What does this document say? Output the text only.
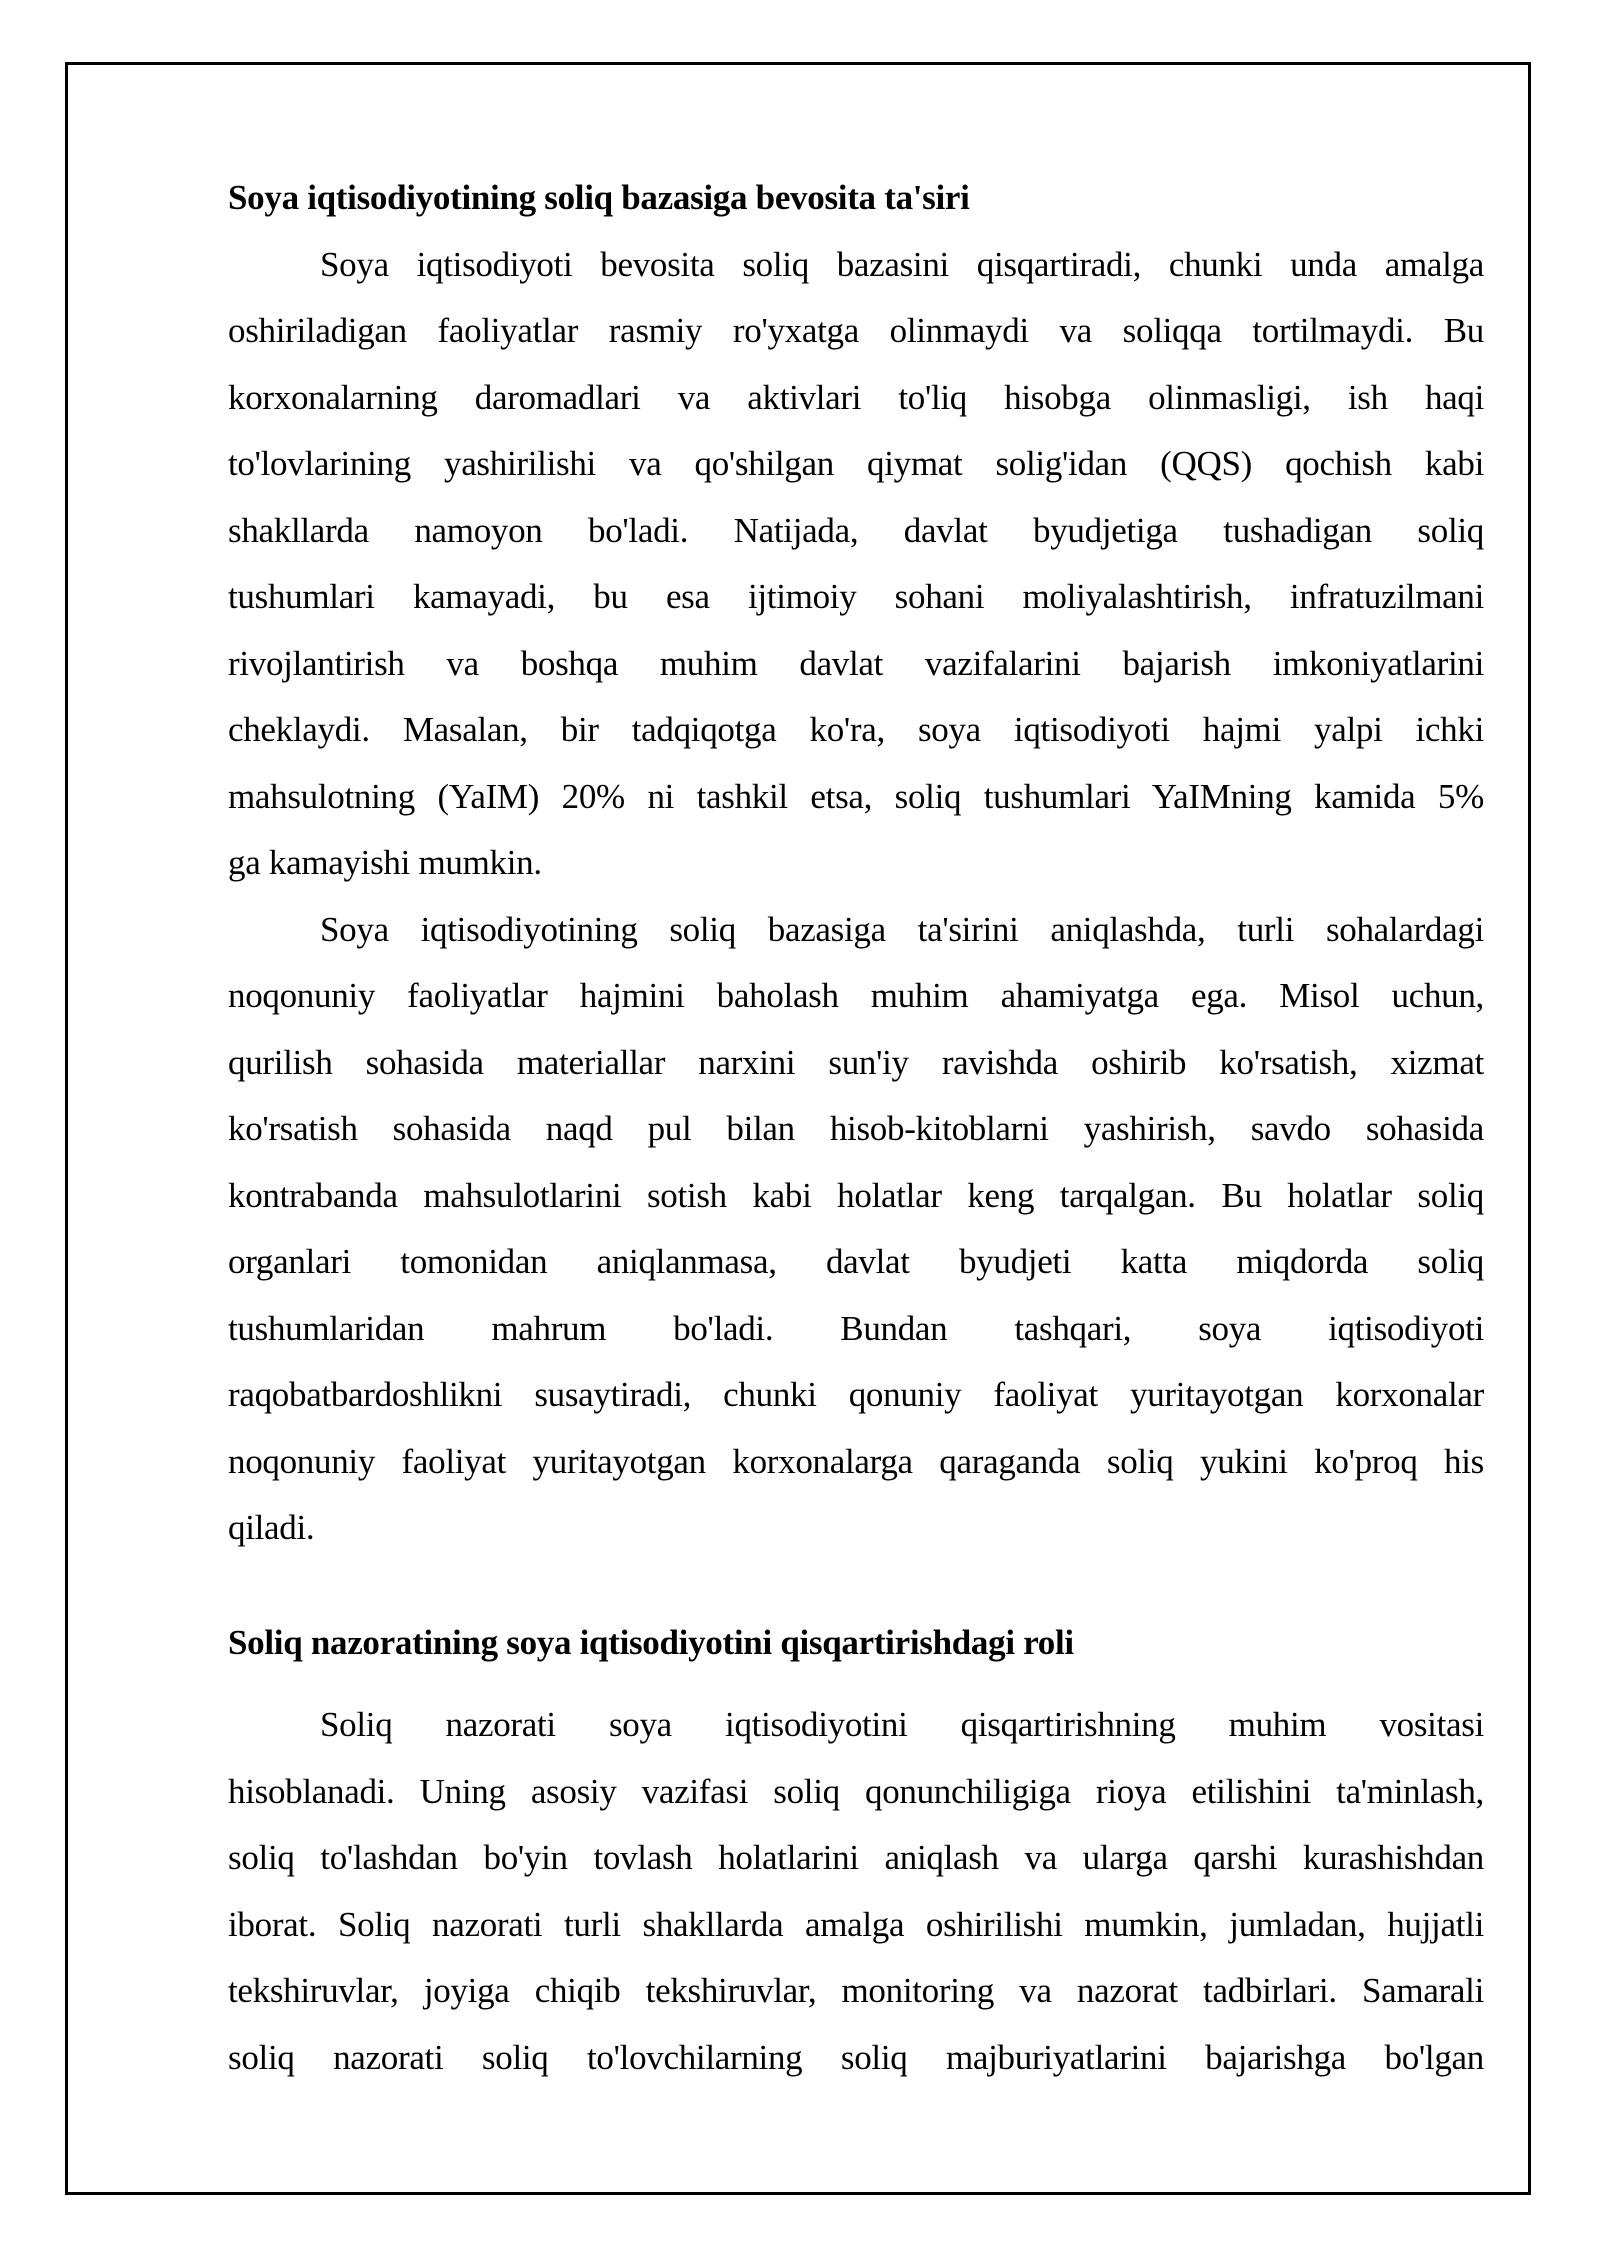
Soya iqtisodiyotining soliq bazasiga bevosita ta'siri
Soya iqtisodiyoti bevosita soliq bazasini qisqartiradi, chunki unda amalga
oshiriladigan faoliyatlar rasmiy ro'yxatga olinmaydi va soliqqa tortilmaydi. Bu
korxonalarning daromadlari va aktivlari to'liq hisobga olinmasligi, ish haqi
to'lovlarining yashirilishi va qo'shilgan qiymat solig'idan (QQS) qochish kabi
shakllarda namoyon bo'ladi. Natijada, davlat byudjetiga tushadigan soliq
tushumlari kamayadi, bu esa ijtimoiy sohani moliyalashtirish, infratuzilmani
rivojlantirish va boshqa muhim davlat vazifalarini bajarish imkoniyatlarini
cheklaydi. Masalan, bir tadqiqotga ko'ra, soya iqtisodiyoti hajmi yalpi ichki
mahsulotning (YaIM) 20% ni tashkil etsa, soliq tushumlari YaIMning kamida 5%
ga kamayishi mumkin.
Soya iqtisodiyotining soliq bazasiga ta'sirini aniqlashda, turli sohalardagi
noqonuniy faoliyatlar hajmini baholash muhim ahamiyatga ega. Misol uchun,
qurilish sohasida materiallar narxini sun'iy ravishda oshirib ko'rsatish, xizmat
ko'rsatish sohasida naqd pul bilan hisob-kitoblarni yashirish, savdo sohasida
kontrabanda mahsulotlarini sotish kabi holatlar keng tarqalgan. Bu holatlar soliq
organlari tomonidan aniqlanmasa, davlat byudjeti katta miqdorda soliq
tushumlaridan mahrum bo'ladi. Bundan tashqari, soya iqtisodiyoti
raqobatbardoshlikni susaytiradi, chunki qonuniy faoliyat yuritayotgan korxonalar
noqonuniy faoliyat yuritayotgan korxonalarga qaraganda soliq yukini ko'proq his
qiladi.
Soliq nazoratining soya iqtisodiyotini qisqartirishdagi roli
Soliq nazorati soya iqtisodiyotini qisqartirishning muhim vositasi
hisoblanadi. Uning asosiy vazifasi soliq qonunchiligiga rioya etilishini ta'minlash,
soliq to'lashdan bo'yin tovlash holatlarini aniqlash va ularga qarshi kurashishdan
iborat. Soliq nazorati turli shakllarda amalga oshirilishi mumkin, jumladan, hujjatli
tekshiruvlar, joyiga chiqib tekshiruvlar, monitoring va nazorat tadbirlari. Samarali
soliq nazorati soliq to'lovchilarning soliq majburiyatlarini bajarishga bo'lgan
